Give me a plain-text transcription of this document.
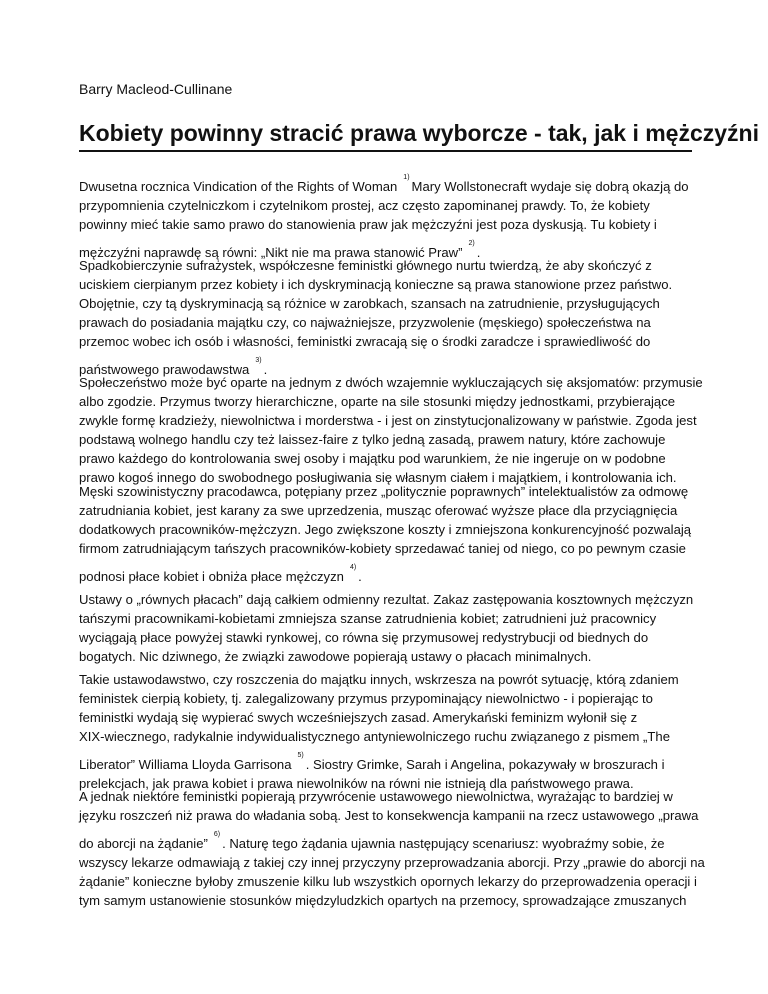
Barry Macleod-Cullinane
Kobiety powinny stracić prawa wyborcze - tak, jak i mężczyźni
Dwusetna rocznica Vindication of the Rights of Woman$^{1)}$Mary Wollstonecraft wydaje się dobrą okazją do
przypomnienia czytelniczkom i czytelnikom prostej, acz często zapominanej prawdy. To, że kobiety
powinny mieć takie samo prawo do stanowienia praw jak mężczyźni jest poza dyskusją. Tu kobiety i
mężczyźni naprawdę są równi: „Nikt nie ma prawa stanowić Praw”$^{2)}$.
Spadkobierczynie sufrażystek, współczesne feministki głównego nurtu twierdzą, że aby skończyć z
uciskiem cierpianym przez kobiety i ich dyskryminacją konieczne są prawa stanowione przez państwo.
Obojętnie, czy tą dyskryminacją są różnice w zarobkach, szansach na zatrudnienie, przysługujących
prawach do posiadania majątku czy, co najważniejsze, przyzwolenie (męskiego) społeczeństwa na
przemoc wobec ich osób i własności, feministki zwracają się o środki zaradcze i sprawiedliwość do
państwowego prawodawstwa$^{3)}$.
Społeczeństwo może być oparte na jednym z dwóch wzajemnie wykluczających się aksjomatów: przymusie
albo zgodzie. Przymus tworzy hierarchiczne, oparte na sile stosunki między jednostkami, przybierające
zwykle formę kradzieży, niewolnictwa i morderstwa - i jest on zinstytucjonalizowany w państwie. Zgoda jest
podstawą wolnego handlu czy też laissez-faire z tylko jedną zasadą, prawem natury, które zachowuje
prawo każdego do kontrolowania swej osoby i majątku pod warunkiem, że nie ingeruje on w podobne
prawo kogoś innego do swobodnego posługiwania się własnym ciałem i majątkiem, i kontrolowania ich.
Męski szowinistyczny pracodawca, potępiany przez „politycznie poprawnych” intelektualistów za odmowę
zatrudniania kobiet, jest karany za swe uprzedzenia, musząc oferować wyższe płace dla przyciągnięcia
dodatkowych pracowników-mężczyzn. Jego zwiększone koszty i zmniejszona konkurencyjność pozwalają
firmom zatrudniającym tańszych pracowników-kobiety sprzedawać taniej od niego, co po pewnym czasie
podnosi płace kobiet i obniża płace mężczyzn$^{4)}$.
Ustawy o „równych płacach” dają całkiem odmienny rezultat. Zakaz zastępowania kosztownych mężczyzn
tańszymi pracownikami-kobietami zmniejsza szanse zatrudnienia kobiet; zatrudnieni już pracownicy
wyciągają płace powyżej stawki rynkowej, co równa się przymusowej redystrybucji od biednych do
bogatych. Nic dziwnego, że związki zawodowe popierają ustawy o płacach minimalnych.
Takie ustawodawstwo, czy roszczenia do majątku innych, wskrzesza na powrót sytuację, którą zdaniem
feministek cierpią kobiety, tj. zalegalizowany przymus przypominający niewolnictwo - i popierając to
feministki wydają się wypierać swych wcześniejszych zasad. Amerykański feminizm wyłonił się z
XIX-wiecznego, radykalnie indywidualistycznego antyniewolniczego ruchu związanego z pismem „The
Liberator” Williama Lloyda Garrisona$^{5)}$. Siostry Grimke, Sarah i Angelina, pokazywały w broszurach i
prelekcjach, jak prawa kobiet i prawa niewolników na równi nie istnieją dla państwowego prawa.
A jednak niektóre feministki popierają przywrócenie ustawowego niewolnictwa, wyrażając to bardziej w
języku roszczeń niż prawa do władania sobą. Jest to konsekwencja kampanii na rzecz ustawowego „prawa
do aborcji na żądanie”$^{6)}$. Naturę tego żądania ujawnia następujący scenariusz: wyobraźmy sobie, że
wszyscy lekarze odmawiają z takiej czy innej przyczyny przeprowadzania aborcji. Przy „prawie do aborcji na
żądanie” konieczne byłoby zmuszenie kilku lub wszystkich opornych lekarzy do przeprowadzenia operacji i
tym samym ustanowienie stosunków międzyludzkich opartych na przemocy, sprowadzające zmuszanych
